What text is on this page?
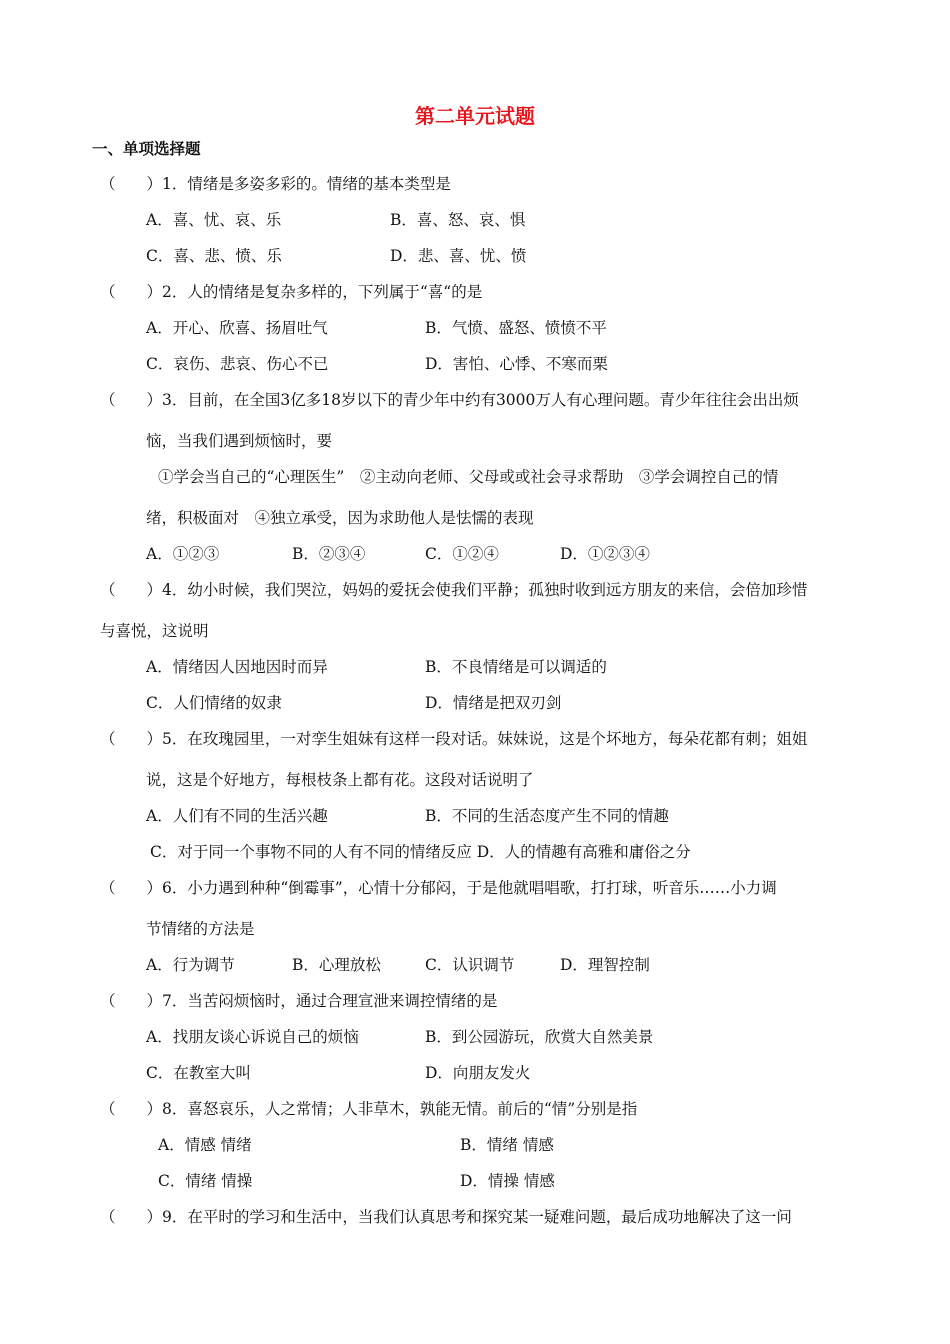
第二单元试题
一、单项选择题
（　　）1．情绪是多姿多彩的。情绪的基本类型是
A．喜、忧、哀、乐	B．喜、怒、哀、惧
C．喜、悲、愤、乐	D．悲、喜、忧、愤
（　　）2．人的情绪是复杂多样的，下列属于“喜“的是
A．开心、欣喜、扬眉吐气	B．气愤、盛怒、愤愤不平
C．哀伤、悲哀、伤心不已	D．害怕、心悸、不寒而栗
（　　）3．目前，在全国3亿多18岁以下的青少年中约有3000万人有心理问题。青少年往往会出出烦
恼，当我们遇到烦恼时，要
①学会当自己的“心理医生”　②主动向老师、父母或或社会寻求帮助　③学会调控自己的情
绪，积极面对　④独立承受，因为求助他人是怯懦的表现
A．①②③	B．②③④	C．①②④	D．①②③④
（　　）4．幼小时候，我们哭泣，妈妈的爱抚会使我们平静；孤独时收到远方朋友的来信，会倍加珍惜
与喜悦，这说明
A．情绪因人因地因时而异	B．不良情绪是可以调适的
C．人们情绪的奴隶	D．情绪是把双刃剑
（　　）5．在玫瑰园里，一对孪生姐妹有这样一段对话。妹妹说，这是个坏地方，每朵花都有刺；姐姐
说，这是个好地方，每根枝条上都有花。这段对话说明了
A．人们有不同的生活兴趣	B．不同的生活态度产生不同的情趣
C．对于同一个事物不同的人有不同的情绪反应 D．人的情趣有高雅和庸俗之分
（　　）6．小力遇到种种“倒霉事”，心情十分郁闷，于是他就唱唱歌，打打球，听音乐……小力调
节情绪的方法是
A．行为调节	B．心理放松	C．认识调节	D．理智控制
（　　）7．当苦闷烦恼时，通过合理宣泄来调控情绪的是
A．找朋友谈心诉说自己的烦恼	B．到公园游玩，欣赏大自然美景
C．在教室大叫	D．向朋友发火
（　　）8．喜怒哀乐，人之常情；人非草木，孰能无情。前后的“情”分别是指
A．情感 情绪	B．情绪 情感
C．情绪 情操	D．情操 情感
（　　）9．在平时的学习和生活中，当我们认真思考和探究某一疑难问题，最后成功地解决了这一问
